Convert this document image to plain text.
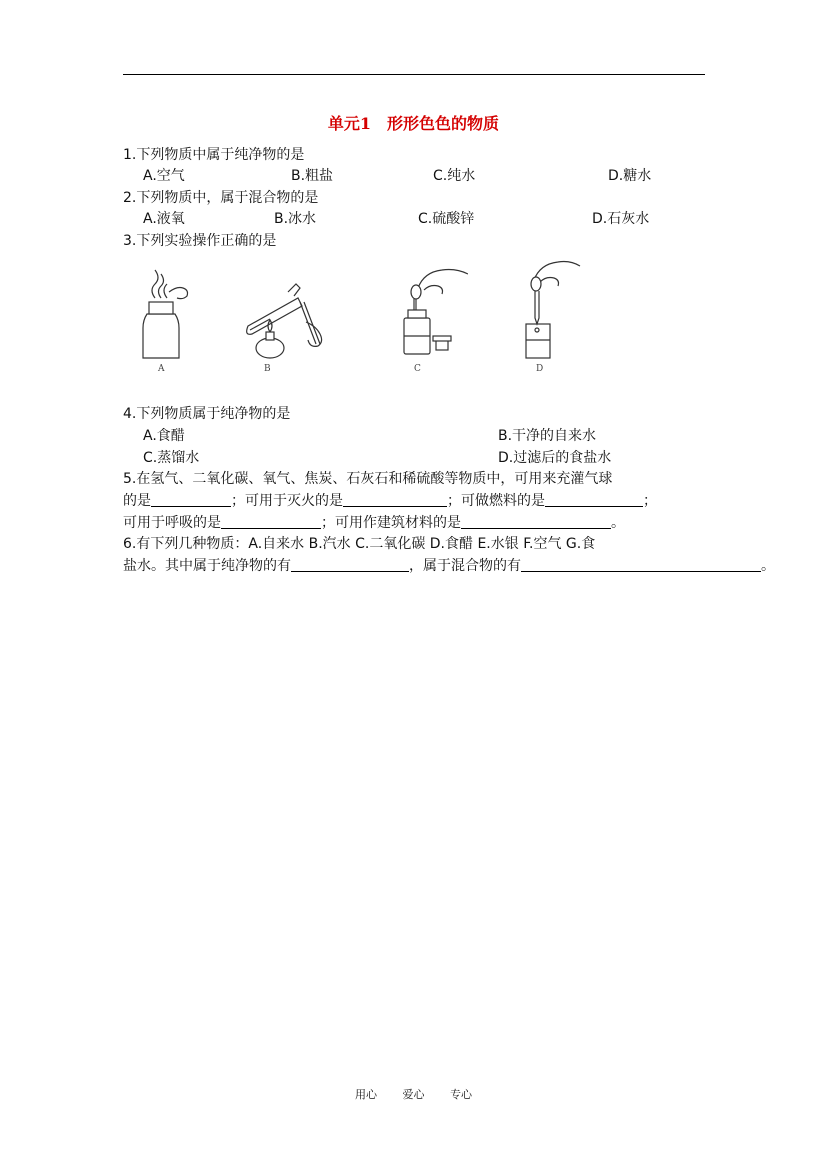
单元1　形形色色的物质
1.下列物质中属于纯净物的是
A.空气	B.粗盐	C.纯水	D.糖水
2.下列物质中，属于混合物的是
A.液氧	B.冰水	C.硫酸锌	D.石灰水
3.下列实验操作正确的是
A	B	C	D
4.下列物质属于纯净物的是
A.食醋	B.干净的自来水
C.蒸馏水	D.过滤后的食盐水
5.在氢气、二氧化碳、氧气、焦炭、石灰石和稀硫酸等物质中，可用来充灌气球
的是	；可用于灭火的是	；可做燃料的是	；
可用于呼吸的是	；可用作建筑材料的是	。
6.有下列几种物质：A.自来水 B.汽水 C.二氧化碳 D.食醋 E.水银 F.空气 G.食
盐水。其中属于纯净物的有	，属于混合物的有	。
用心 爱心 专心
